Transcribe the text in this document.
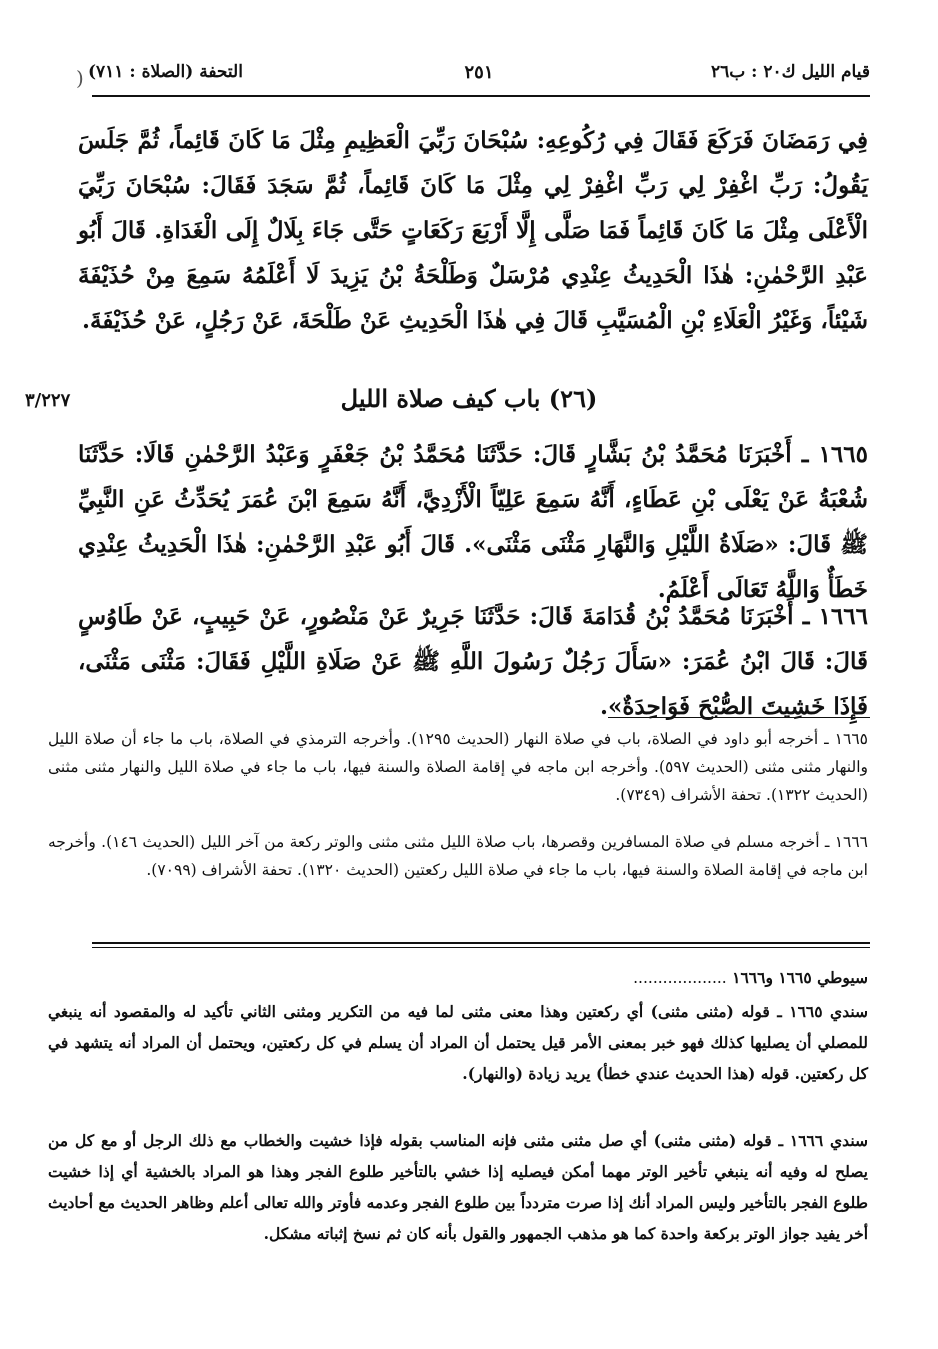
قيام الليل ك٢٠ : ب٢٦
٢٥١
التحفة (الصلاة : ٧١١)
)
فِي رَمَضَانَ فَرَكَعَ فَقَالَ فِي رُكُوعِهِ: سُبْحَانَ رَبِّيَ الْعَظِيمِ مِثْلَ مَا كَانَ قَائِماً، ثُمَّ جَلَسَ يَقُولُ: رَبِّ اغْفِرْ لِي رَبِّ اغْفِرْ لِي مِثْلَ مَا كَانَ قَائِماً، ثُمَّ سَجَدَ فَقَالَ: سُبْحَانَ رَبِّيَ الْأَعْلَى مِثْلَ مَا كَانَ قَائِماً فَمَا صَلَّى إِلَّا أَرْبَعَ رَكَعَاتٍ حَتَّى جَاءَ بِلَالٌ إِلَى الْغَدَاةِ. قَالَ أَبُو عَبْدِ الرَّحْمٰنِ: هٰذَا الْحَدِيثُ عِنْدِي مُرْسَلٌ وَطَلْحَةُ بْنُ يَزِيدَ لَا أَعْلَمُهُ سَمِعَ مِنْ حُذَيْفَةَ شَيْئاً، وَغَيْرُ الْعَلَاءِ بْنِ الْمُسَيَّبِ قَالَ فِي هٰذَا الْحَدِيثِ عَنْ طَلْحَةَ، عَنْ رَجُلٍ، عَنْ حُذَيْفَةَ.
(٢٦) باب كيف صلاة الليل
٣/٢٢٧
١٦٦٥ ـ أَخْبَرَنَا مُحَمَّدُ بْنُ بَشَّارٍ قَالَ: حَدَّثَنَا مُحَمَّدُ بْنُ جَعْفَرٍ وَعَبْدُ الرَّحْمٰنِ قَالَا: حَدَّثَنَا شُعْبَةُ عَنْ يَعْلَى بْنِ عَطَاءٍ، أَنَّهُ سَمِعَ عَلِيّاً الْأَزْدِيَّ، أَنَّهُ سَمِعَ ابْنَ عُمَرَ يُحَدِّثُ عَنِ النَّبِيِّ ﷺ قَالَ: «صَلَاةُ اللَّيْلِ وَالنَّهَارِ مَثْنَى مَثْنَى». قَالَ أَبُو عَبْدِ الرَّحْمٰنِ: هٰذَا الْحَدِيثُ عِنْدِي خَطَأٌ وَاللَّهُ تَعَالَى أَعْلَمُ.
١٦٦٦ ـ أَخْبَرَنَا مُحَمَّدُ بْنُ قُدَامَةَ قَالَ: حَدَّثَنَا جَرِيرٌ عَنْ مَنْصُورٍ، عَنْ حَبِيبٍ، عَنْ طَاوُسٍ قَالَ: قَالَ ابْنُ عُمَرَ: «سَأَلَ رَجُلٌ رَسُولَ اللَّهِ ﷺ عَنْ صَلَاةِ اللَّيْلِ فَقَالَ: مَثْنَى مَثْنَى، فَإِذَا خَشِيتَ الصُّبْحَ فَوَاحِدَةٌ».
١٦٦٥ ـ أخرجه أبو داود في الصلاة، باب في صلاة النهار (الحديث ١٢٩٥). وأخرجه الترمذي في الصلاة، باب ما جاء أن صلاة الليل والنهار مثنى مثنى (الحديث ٥٩٧). وأخرجه ابن ماجه في إقامة الصلاة والسنة فيها، باب ما جاء في صلاة الليل والنهار مثنى مثنى (الحديث ١٣٢٢). تحفة الأشراف (٧٣٤٩).
١٦٦٦ ـ أخرجه مسلم في صلاة المسافرين وقصرها، باب صلاة الليل مثنى مثنى والوتر ركعة من آخر الليل (الحديث ١٤٦). وأخرجه ابن ماجه في إقامة الصلاة والسنة فيها، باب ما جاء في صلاة الليل ركعتين (الحديث ١٣٢٠). تحفة الأشراف (٧٠٩٩).
سيوطي ١٦٦٥ و١٦٦٦ ...................
سندي ١٦٦٥ ـ قوله (مثنى مثنى) أي ركعتين وهذا معنى مثنى لما فيه من التكرير ومثنى الثاني تأكيد له والمقصود أنه ينبغي للمصلي أن يصليها كذلك فهو خبر بمعنى الأمر قيل يحتمل أن المراد أن يسلم في كل ركعتين، ويحتمل أن المراد أنه يتشهد في كل ركعتين. قوله (هذا الحديث عندي خطأ) يريد زيادة (والنهار).
سندي ١٦٦٦ ـ قوله (مثنى مثنى) أي صل مثنى مثنى فإنه المناسب بقوله فإذا خشيت والخطاب مع ذلك الرجل أو مع كل من يصلح له وفيه أنه ينبغي تأخير الوتر مهما أمكن فيصليه إذا خشي بالتأخير طلوع الفجر وهذا هو المراد بالخشية أي إذا خشيت طلوع الفجر بالتأخير وليس المراد أنك إذا صرت متردداً بين طلوع الفجر وعدمه فأوتر والله تعالى أعلم وظاهر الحديث مع أحاديث أخر يفيد جواز الوتر بركعة واحدة كما هو مذهب الجمهور والقول بأنه كان ثم نسخ إثباته مشكل.
